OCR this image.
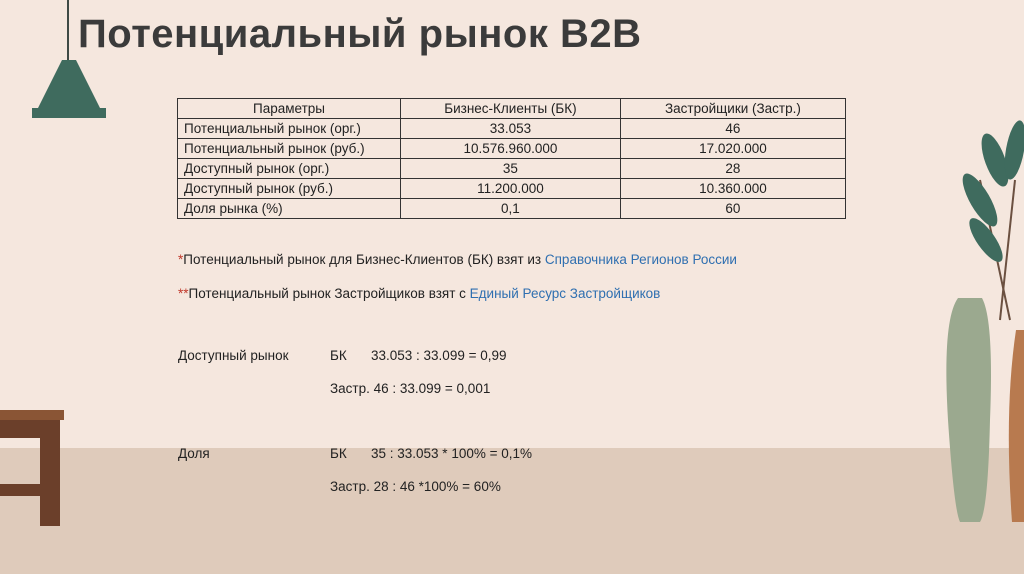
Потенциальный рынок B2B
Параметры	Бизнес-Клиенты (БК)	Застройщики (Застр.)
Потенциальный рынок (орг.)	33.053	46
Потенциальный рынок (руб.)	10.576.960.000	17.020.000
Доступный рынок (орг.)	35	28
Доступный рынок (руб.)	11.200.000	10.360.000
Доля рынка (%)	0,1	60

*Потенциальный рынок для Бизнес-Клиентов (БК) взят из Справочника Регионов России

**Потенциальный рынок Застройщиков взят с Единый Ресурс Застройщиков

Доступный рынок	БК 33.053 : 33.099 = 0,99

Застр. 46 : 33.099 = 0,001

Доля	БК 35 : 33.053 * 100% = 0,1%

Застр. 28 : 46 *100% = 60%
